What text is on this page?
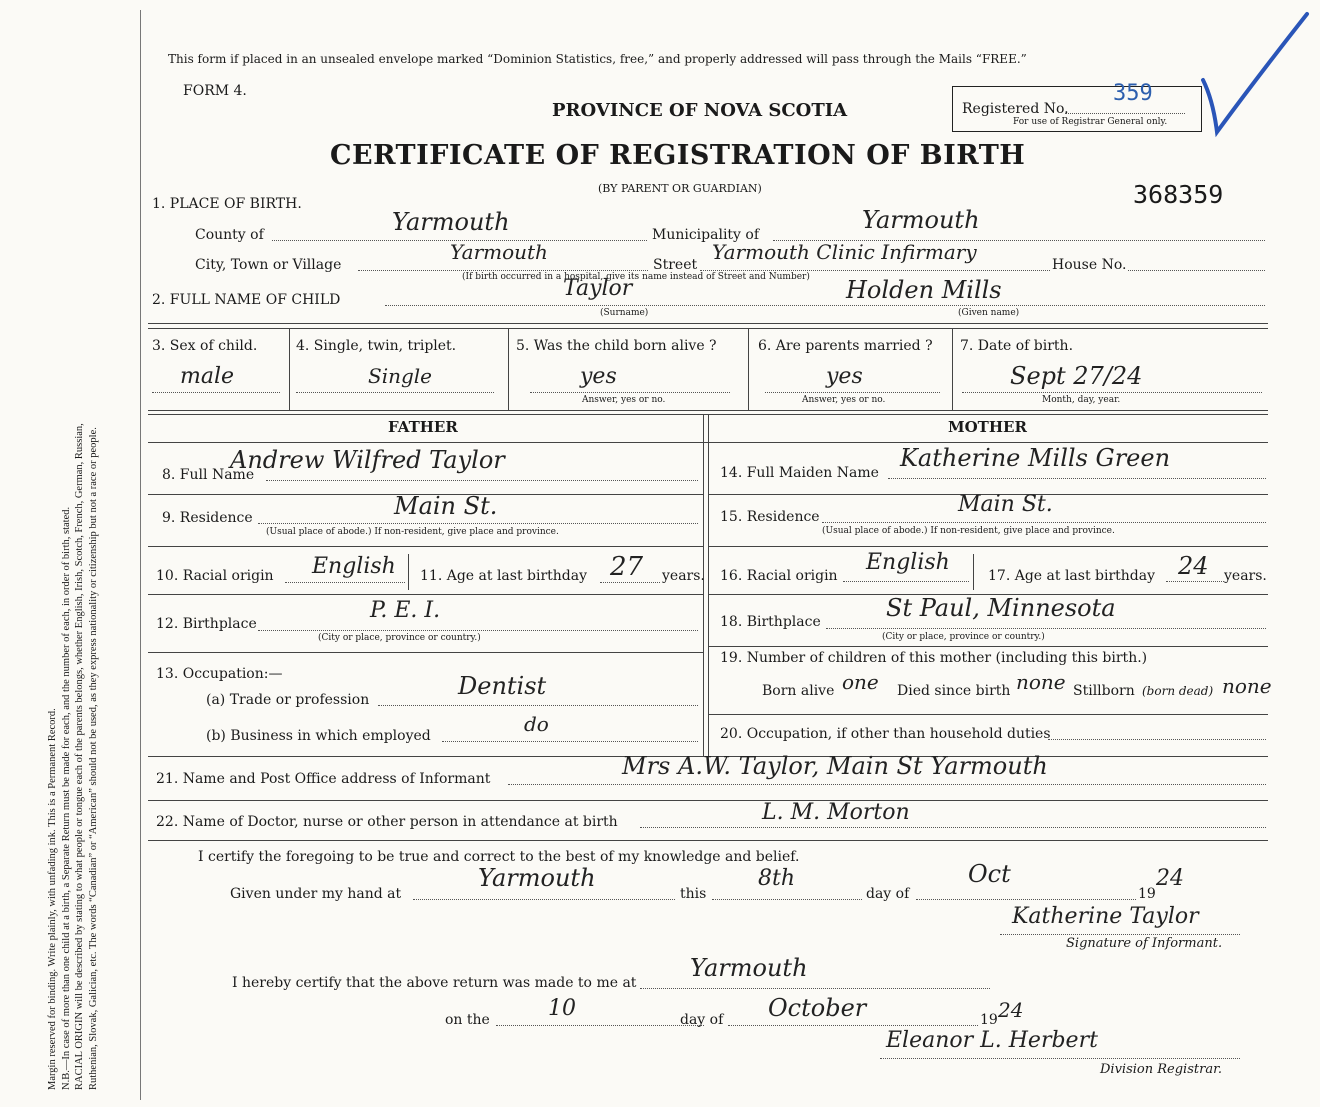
Margin reserved for binding. Write plainly, with unfading ink. This is a Permanent Record. N.B.—In case of more than one child at a birth, a Separate Return must be made for each, and the number of each, in order of birth, stated. RACIAL ORIGIN will be described by stating to what people or tongue each of the parents belongs, whether English, Irish, Scotch, French, German, Russian, Ruthenian, Slovak, Galician, etc. The words “Canadian” or “American” should not be used, as they express nationality or citizenship but not a race or people.
This form if placed in an unsealed envelope marked “Dominion Statistics, free,” and properly addressed will pass through the Mails “FREE.”
FORM 4.
PROVINCE OF NOVA SCOTIA
CERTIFICATE OF REGISTRATION OF BIRTH
(BY PARENT OR GUARDIAN)
Registered No.
359
For use of Registrar General only.
368359
1. PLACE OF BIRTH.
County of	Yarmouth	Municipality of
Yarmouth
City, Town or Village
Yarmouth
Street
Yarmouth Clinic Infirmary
House No.
(If birth occurred in a hospital, give its name instead of Street and Number)
2. FULL NAME OF CHILD	Taylor	Holden Mills
(Surname)	(Given name)
3. Sex of child.
male
4. Single, twin, triplet.
Single
5. Was the child born alive ?
yes
Answer, yes or no.
6. Are parents married ?
yes
Answer, yes or no.
7. Date of birth.
Sept 27/24
Month, day, year.
FATHER	MOTHER
8. Full Name
Andrew Wilfred Taylor
9. Residence	Main St.
(Usual place of abode.) If non-resident, give place and province.
10. Racial origin English 11. Age at last birthday 27 years.
12. Birthplace
P. E. I.
(City or place, province or country.)
13. Occupation:—
(a) Trade or profession	Dentist
(b) Business in which employed	do
14. Full Maiden Name
Katherine Mills Green
15. Residence	Main St.
(Usual place of abode.) If non-resident, give place and province.
16. Racial origin
English
17. Age at last birthday 24 years.
18. Birthplace	St Paul, Minnesota
(City or place, province or country.)
19. Number of children of this mother (including this birth.)
Born alive one Died since birth none Stillborn (born dead) none
20. Occupation, if other than household duties
21. Name and Post Office address of Informant	Mrs A.W. Taylor, Main St Yarmouth
22. Name of Doctor, nurse or other person in attendance at birth	L. M. Morton
I certify the foregoing to be true and correct to the best of my knowledge and belief.
Given under my hand at
Yarmouth
this
8th
day of
Oct
19
24
Katherine Taylor
Signature of Informant.
I hereby certify that the above return was made to me at
Yarmouth
on the	10	day of October	19 24
Eleanor L. Herbert
Division Registrar.
